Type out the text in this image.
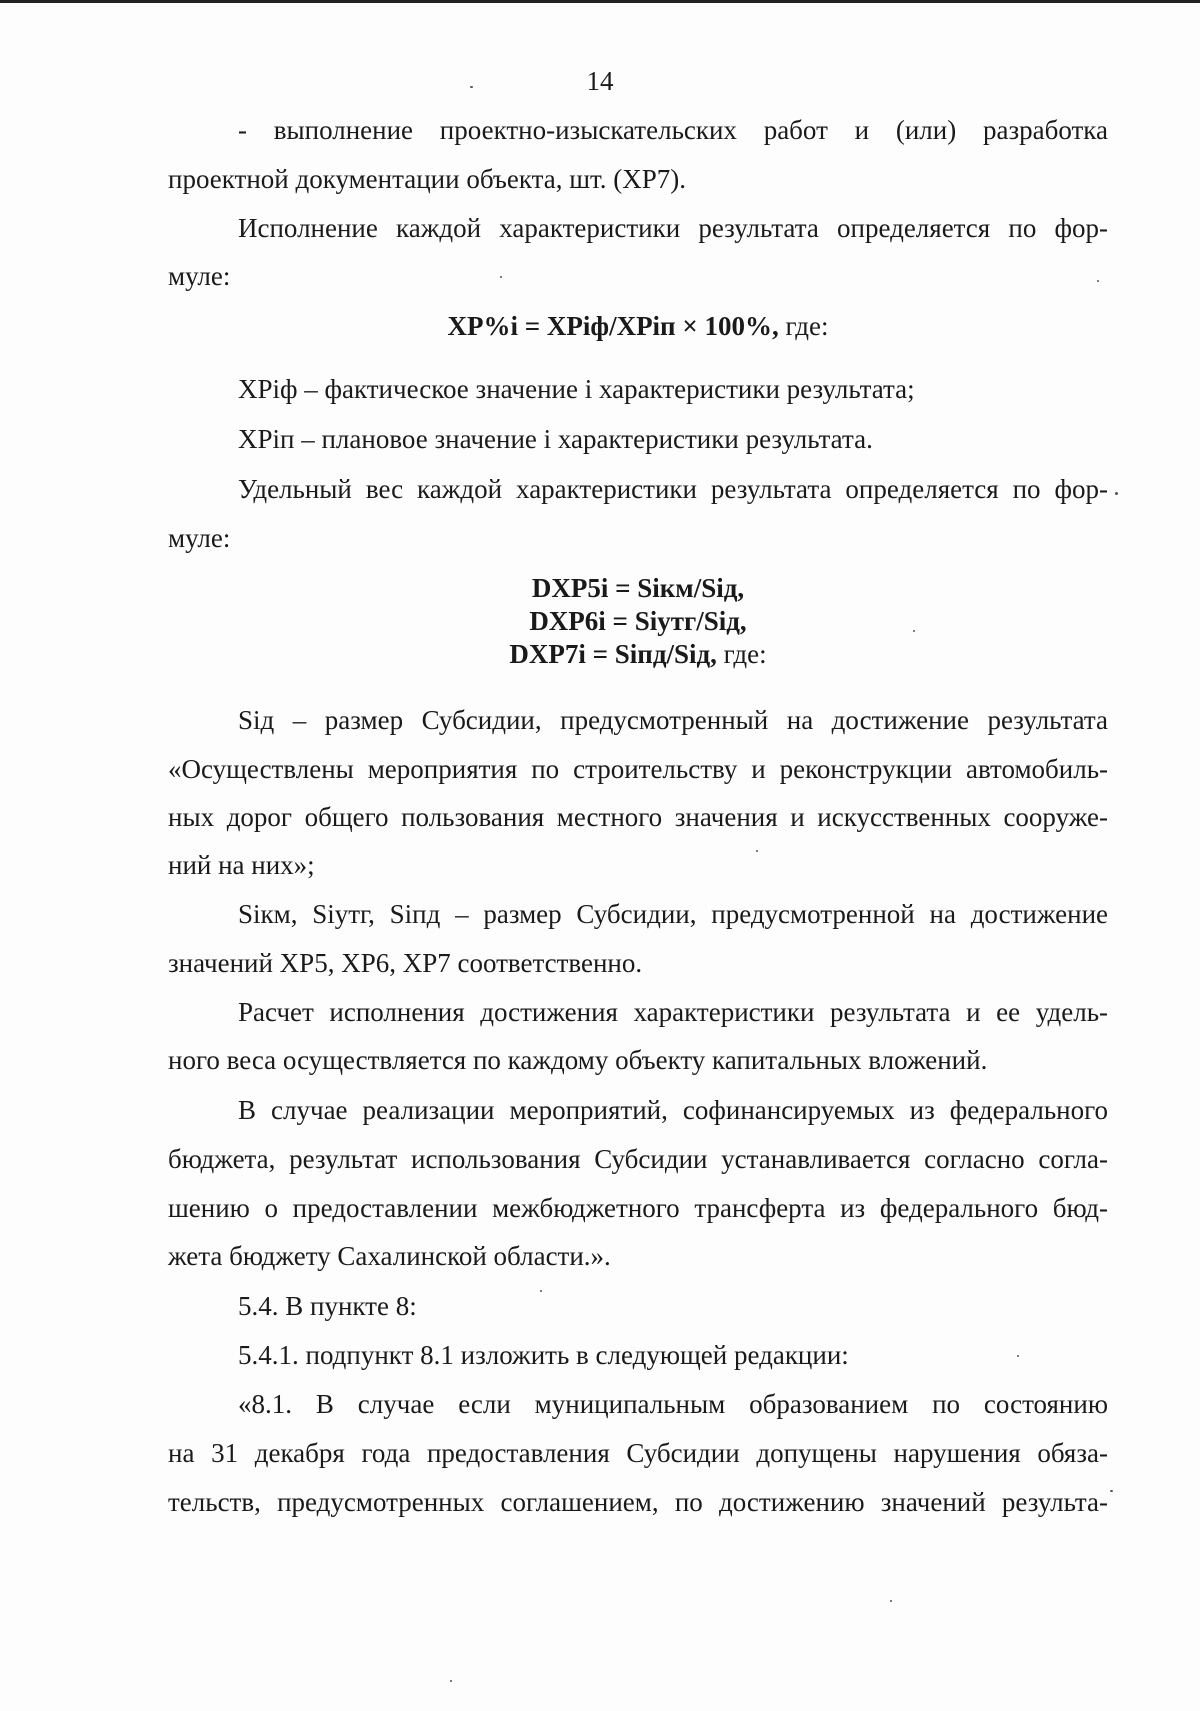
14
- выполнение проектно-изыскательских работ и (или) разработка
проектной документации объекта, шт. (ХР7).
Исполнение каждой характеристики результата определяется по фор-
муле:
ХР%і = ХРіф/ХРіп × 100%, где:
ХРіф – фактическое значение і характеристики результата;
ХРіп – плановое значение і характеристики результата.
Удельный вес каждой характеристики результата определяется по фор-
муле:
DXP5i = Sікм/Sід,
DXP6i = Sіутг/Sід,
DXP7i = Sіпд/Sід, где:
Sід – размер Субсидии, предусмотренный на достижение результата
«Осуществлены мероприятия по строительству и реконструкции автомобиль-
ных дорог общего пользования местного значения и искусственных сооруже-
ний на них»;
Sікм, Sіутг, Sіпд – размер Субсидии, предусмотренной на достижение
значений ХР5, ХР6, ХР7 соответственно.
Расчет исполнения достижения характеристики результата и ее удель-
ного веса осуществляется по каждому объекту капитальных вложений.
В случае реализации мероприятий, софинансируемых из федерального
бюджета, результат использования Субсидии устанавливается согласно согла-
шению о предоставлении межбюджетного трансферта из федерального бюд-
жета бюджету Сахалинской области.».
5.4. В пункте 8:
5.4.1. подпункт 8.1 изложить в следующей редакции:
«8.1. В случае если муниципальным образованием по состоянию
на 31 декабря года предоставления Субсидии допущены нарушения обяза-
тельств, предусмотренных соглашением, по достижению значений результа-
